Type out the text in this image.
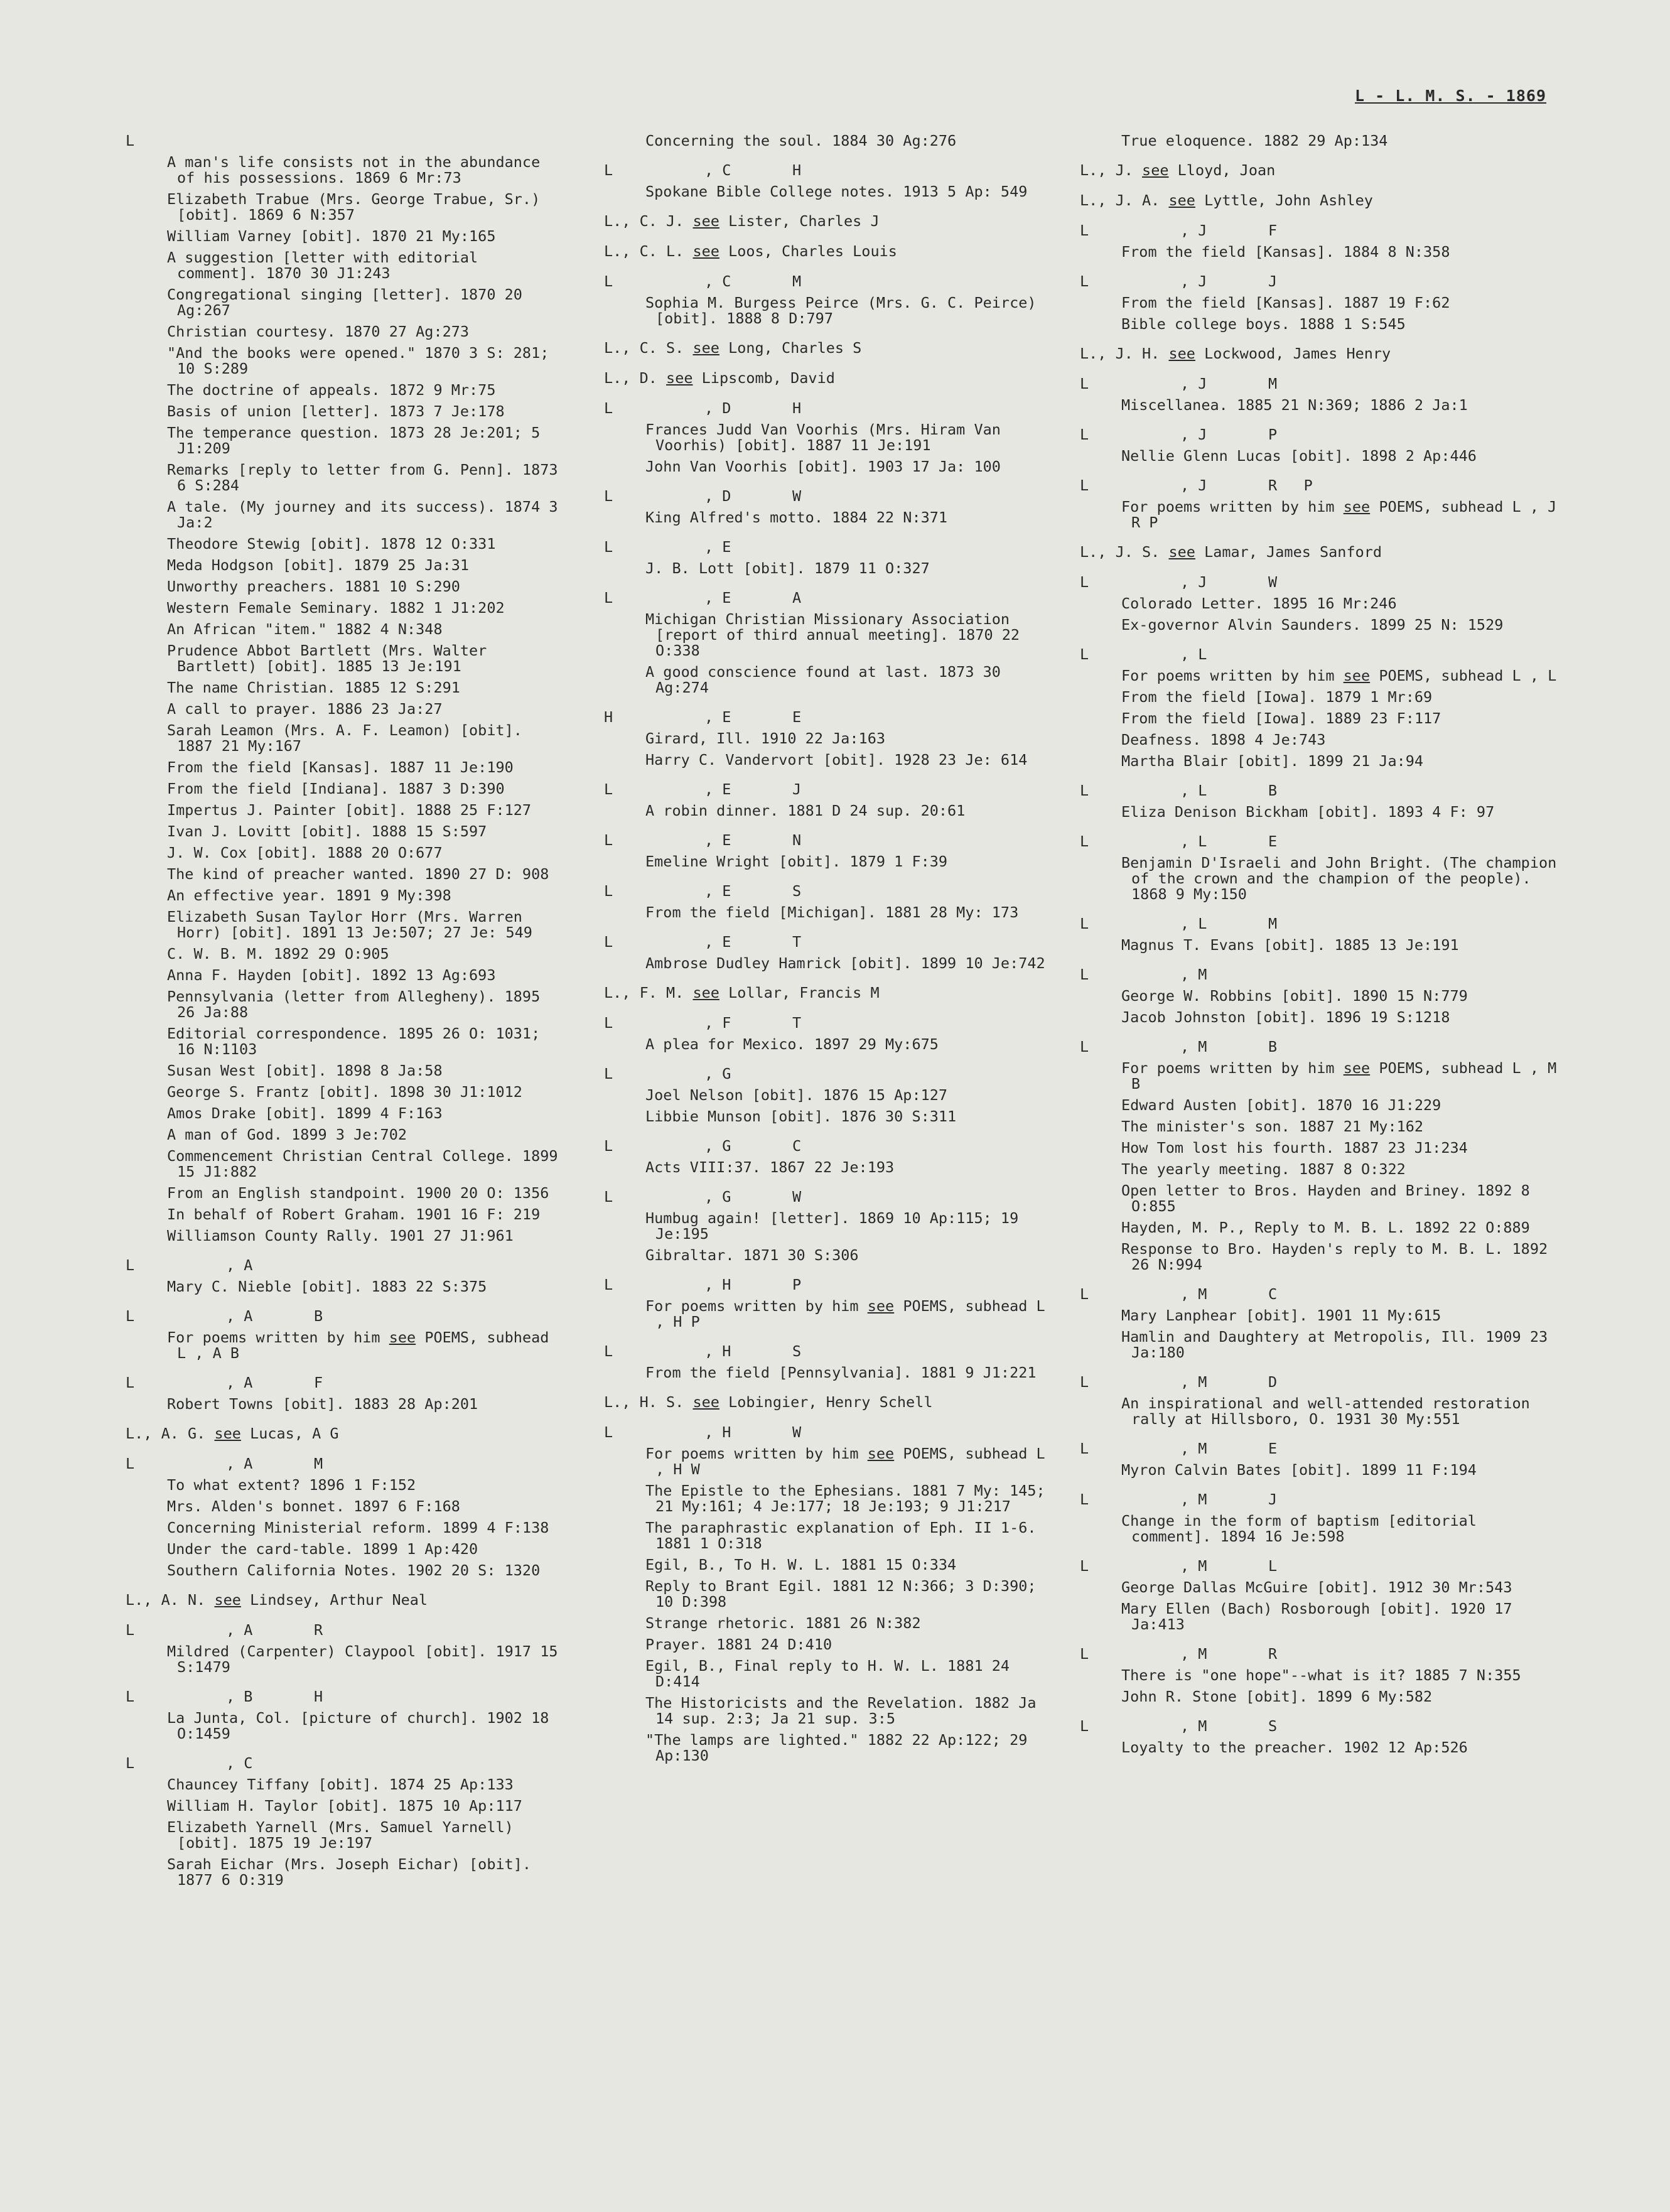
L - L. M. S. - 1869
L
A man's life consists not in the abundance of his possessions. 1869 6 Mr:73
Elizabeth Trabue (Mrs. George Trabue, Sr.) [obit]. 1869 6 N:357
William Varney [obit]. 1870 21 My:165
A suggestion [letter with editorial comment]. 1870 30 J1:243
Congregational singing [letter]. 1870 20 Ag:267
Christian courtesy. 1870 27 Ag:273
"And the books were opened." 1870 3 S: 281; 10 S:289
The doctrine of appeals. 1872 9 Mr:75
Basis of union [letter]. 1873 7 Je:178
The temperance question. 1873 28 Je:201; 5 J1:209
Remarks [reply to letter from G. Penn]. 1873 6 S:284
A tale. (My journey and its success). 1874 3 Ja:2
Theodore Stewig [obit]. 1878 12 O:331
Meda Hodgson [obit]. 1879 25 Ja:31
Unworthy preachers. 1881 10 S:290
Western Female Seminary. 1882 1 J1:202
An African "item." 1882 4 N:348
Prudence Abbot Bartlett (Mrs. Walter Bartlett) [obit]. 1885 13 Je:191
The name Christian. 1885 12 S:291
A call to prayer. 1886 23 Ja:27
Sarah Leamon (Mrs. A. F. Leamon) [obit]. 1887 21 My:167
From the field [Kansas]. 1887 11 Je:190
From the field [Indiana]. 1887 3 D:390
Impertus J. Painter [obit]. 1888 25 F:127
Ivan J. Lovitt [obit]. 1888 15 S:597
J. W. Cox [obit]. 1888 20 O:677
The kind of preacher wanted. 1890 27 D: 908
An effective year. 1891 9 My:398
Elizabeth Susan Taylor Horr (Mrs. Warren Horr) [obit]. 1891 13 Je:507; 27 Je: 549
C. W. B. M. 1892 29 O:905
Anna F. Hayden [obit]. 1892 13 Ag:693
Pennsylvania (letter from Allegheny). 1895 26 Ja:88
Editorial correspondence. 1895 26 O: 1031; 16 N:1103
Susan West [obit]. 1898 8 Ja:58
George S. Frantz [obit]. 1898 30 J1:1012
Amos Drake [obit]. 1899 4 F:163
A man of God. 1899 3 Je:702
Commencement Christian Central College. 1899 15 J1:882
From an English standpoint. 1900 20 O: 1356
In behalf of Robert Graham. 1901 16 F: 219
Williamson County Rally. 1901 27 J1:961
L	, A
Mary C. Nieble [obit]. 1883 22 S:375
L	, A	B
For poems written by him see POEMS, subhead L , A B
L	, A	F
Robert Towns [obit]. 1883 28 Ap:201
L., A. G. see Lucas, A G
L	, A	M
To what extent? 1896 1 F:152
Mrs. Alden's bonnet. 1897 6 F:168
Concerning Ministerial reform. 1899 4 F:138
Under the card-table. 1899 1 Ap:420
Southern California Notes. 1902 20 S: 1320
L., A. N. see Lindsey, Arthur Neal
L	, A	R
Mildred (Carpenter) Claypool [obit]. 1917 15 S:1479
L	, B	H
La Junta, Col. [picture of church]. 1902 18 O:1459
L	, C
Chauncey Tiffany [obit]. 1874 25 Ap:133
William H. Taylor [obit]. 1875 10 Ap:117
Elizabeth Yarnell (Mrs. Samuel Yarnell) [obit]. 1875 19 Je:197
Sarah Eichar (Mrs. Joseph Eichar) [obit]. 1877 6 O:319
Concerning the soul. 1884 30 Ag:276
L	, C	H
Spokane Bible College notes. 1913 5 Ap: 549
L., C. J. see Lister, Charles J
L., C. L. see Loos, Charles Louis
L	, C	M
Sophia M. Burgess Peirce (Mrs. G. C. Peirce) [obit]. 1888 8 D:797
L., C. S. see Long, Charles S
L., D. see Lipscomb, David
L	, D	H
Frances Judd Van Voorhis (Mrs. Hiram Van Voorhis) [obit]. 1887 11 Je:191
John Van Voorhis [obit]. 1903 17 Ja: 100
L	, D	W
King Alfred's motto. 1884 22 N:371
L	, E
J. B. Lott [obit]. 1879 11 O:327
L	, E	A
Michigan Christian Missionary Association [report of third annual meeting]. 1870 22 O:338
A good conscience found at last. 1873 30 Ag:274
H	, E	E
Girard, Ill. 1910 22 Ja:163
Harry C. Vandervort [obit]. 1928 23 Je: 614
L	, E	J
A robin dinner. 1881 D 24 sup. 20:61
L	, E	N
Emeline Wright [obit]. 1879 1 F:39
L	, E	S
From the field [Michigan]. 1881 28 My: 173
L	, E	T
Ambrose Dudley Hamrick [obit]. 1899 10 Je:742
L., F. M. see Lollar, Francis M
L	, F	T
A plea for Mexico. 1897 29 My:675
L	, G
Joel Nelson [obit]. 1876 15 Ap:127
Libbie Munson [obit]. 1876 30 S:311
L	, G	C
Acts VIII:37. 1867 22 Je:193
L	, G	W
Humbug again! [letter]. 1869 10 Ap:115; 19 Je:195
Gibraltar. 1871 30 S:306
L	, H	P
For poems written by him see POEMS, subhead L , H P
L	, H	S
From the field [Pennsylvania]. 1881 9 J1:221
L., H. S. see Lobingier, Henry Schell
L	, H	W
For poems written by him see POEMS, subhead L , H W
The Epistle to the Ephesians. 1881 7 My: 145; 21 My:161; 4 Je:177; 18 Je:193; 9 J1:217
The paraphrastic explanation of Eph. II 1-6. 1881 1 O:318
Egil, B., To H. W. L. 1881 15 O:334
Reply to Brant Egil. 1881 12 N:366; 3 D:390; 10 D:398
Strange rhetoric. 1881 26 N:382
Prayer. 1881 24 D:410
Egil, B., Final reply to H. W. L. 1881 24 D:414
The Historicists and the Revelation. 1882 Ja 14 sup. 2:3; Ja 21 sup. 3:5
"The lamps are lighted." 1882 22 Ap:122; 29 Ap:130
True eloquence. 1882 29 Ap:134
L., J. see Lloyd, Joan
L., J. A. see Lyttle, John Ashley
L	, J	F
From the field [Kansas]. 1884 8 N:358
L	, J	J
From the field [Kansas]. 1887 19 F:62
Bible college boys. 1888 1 S:545
L., J. H. see Lockwood, James Henry
L	, J	M
Miscellanea. 1885 21 N:369; 1886 2 Ja:1
L	, J	P
Nellie Glenn Lucas [obit]. 1898 2 Ap:446
L	, J	R   P
For poems written by him see POEMS, subhead L , J R P
L., J. S. see Lamar, James Sanford
L	, J	W
Colorado Letter. 1895 16 Mr:246
Ex-governor Alvin Saunders. 1899 25 N: 1529
L	, L
For poems written by him see POEMS, subhead L , L
From the field [Iowa]. 1879 1 Mr:69
From the field [Iowa]. 1889 23 F:117
Deafness. 1898 4 Je:743
Martha Blair [obit]. 1899 21 Ja:94
L	, L	B
Eliza Denison Bickham [obit]. 1893 4 F: 97
L	, L	E
Benjamin D'Israeli and John Bright. (The champion of the crown and the champion of the people). 1868 9 My:150
L	, L	M
Magnus T. Evans [obit]. 1885 13 Je:191
L	, M
George W. Robbins [obit]. 1890 15 N:779
Jacob Johnston [obit]. 1896 19 S:1218
L	, M	B
For poems written by him see POEMS, subhead L , M B
Edward Austen [obit]. 1870 16 J1:229
The minister's son. 1887 21 My:162
How Tom lost his fourth. 1887 23 J1:234
The yearly meeting. 1887 8 O:322
Open letter to Bros. Hayden and Briney. 1892 8 O:855
Hayden, M. P., Reply to M. B. L. 1892 22 O:889
Response to Bro. Hayden's reply to M. B. L. 1892 26 N:994
L	, M	C
Mary Lanphear [obit]. 1901 11 My:615
Hamlin and Daughtery at Metropolis, Ill. 1909 23 Ja:180
L	, M	D
An inspirational and well-attended restoration rally at Hillsboro, O. 1931 30 My:551
L	, M	E
Myron Calvin Bates [obit]. 1899 11 F:194
L	, M	J
Change in the form of baptism [editorial comment]. 1894 16 Je:598
L	, M	L
George Dallas McGuire [obit]. 1912 30 Mr:543
Mary Ellen (Bach) Rosborough [obit]. 1920 17 Ja:413
L	, M	R
There is "one hope"--what is it? 1885 7 N:355
John R. Stone [obit]. 1899 6 My:582
L	, M	S
Loyalty to the preacher. 1902 12 Ap:526
